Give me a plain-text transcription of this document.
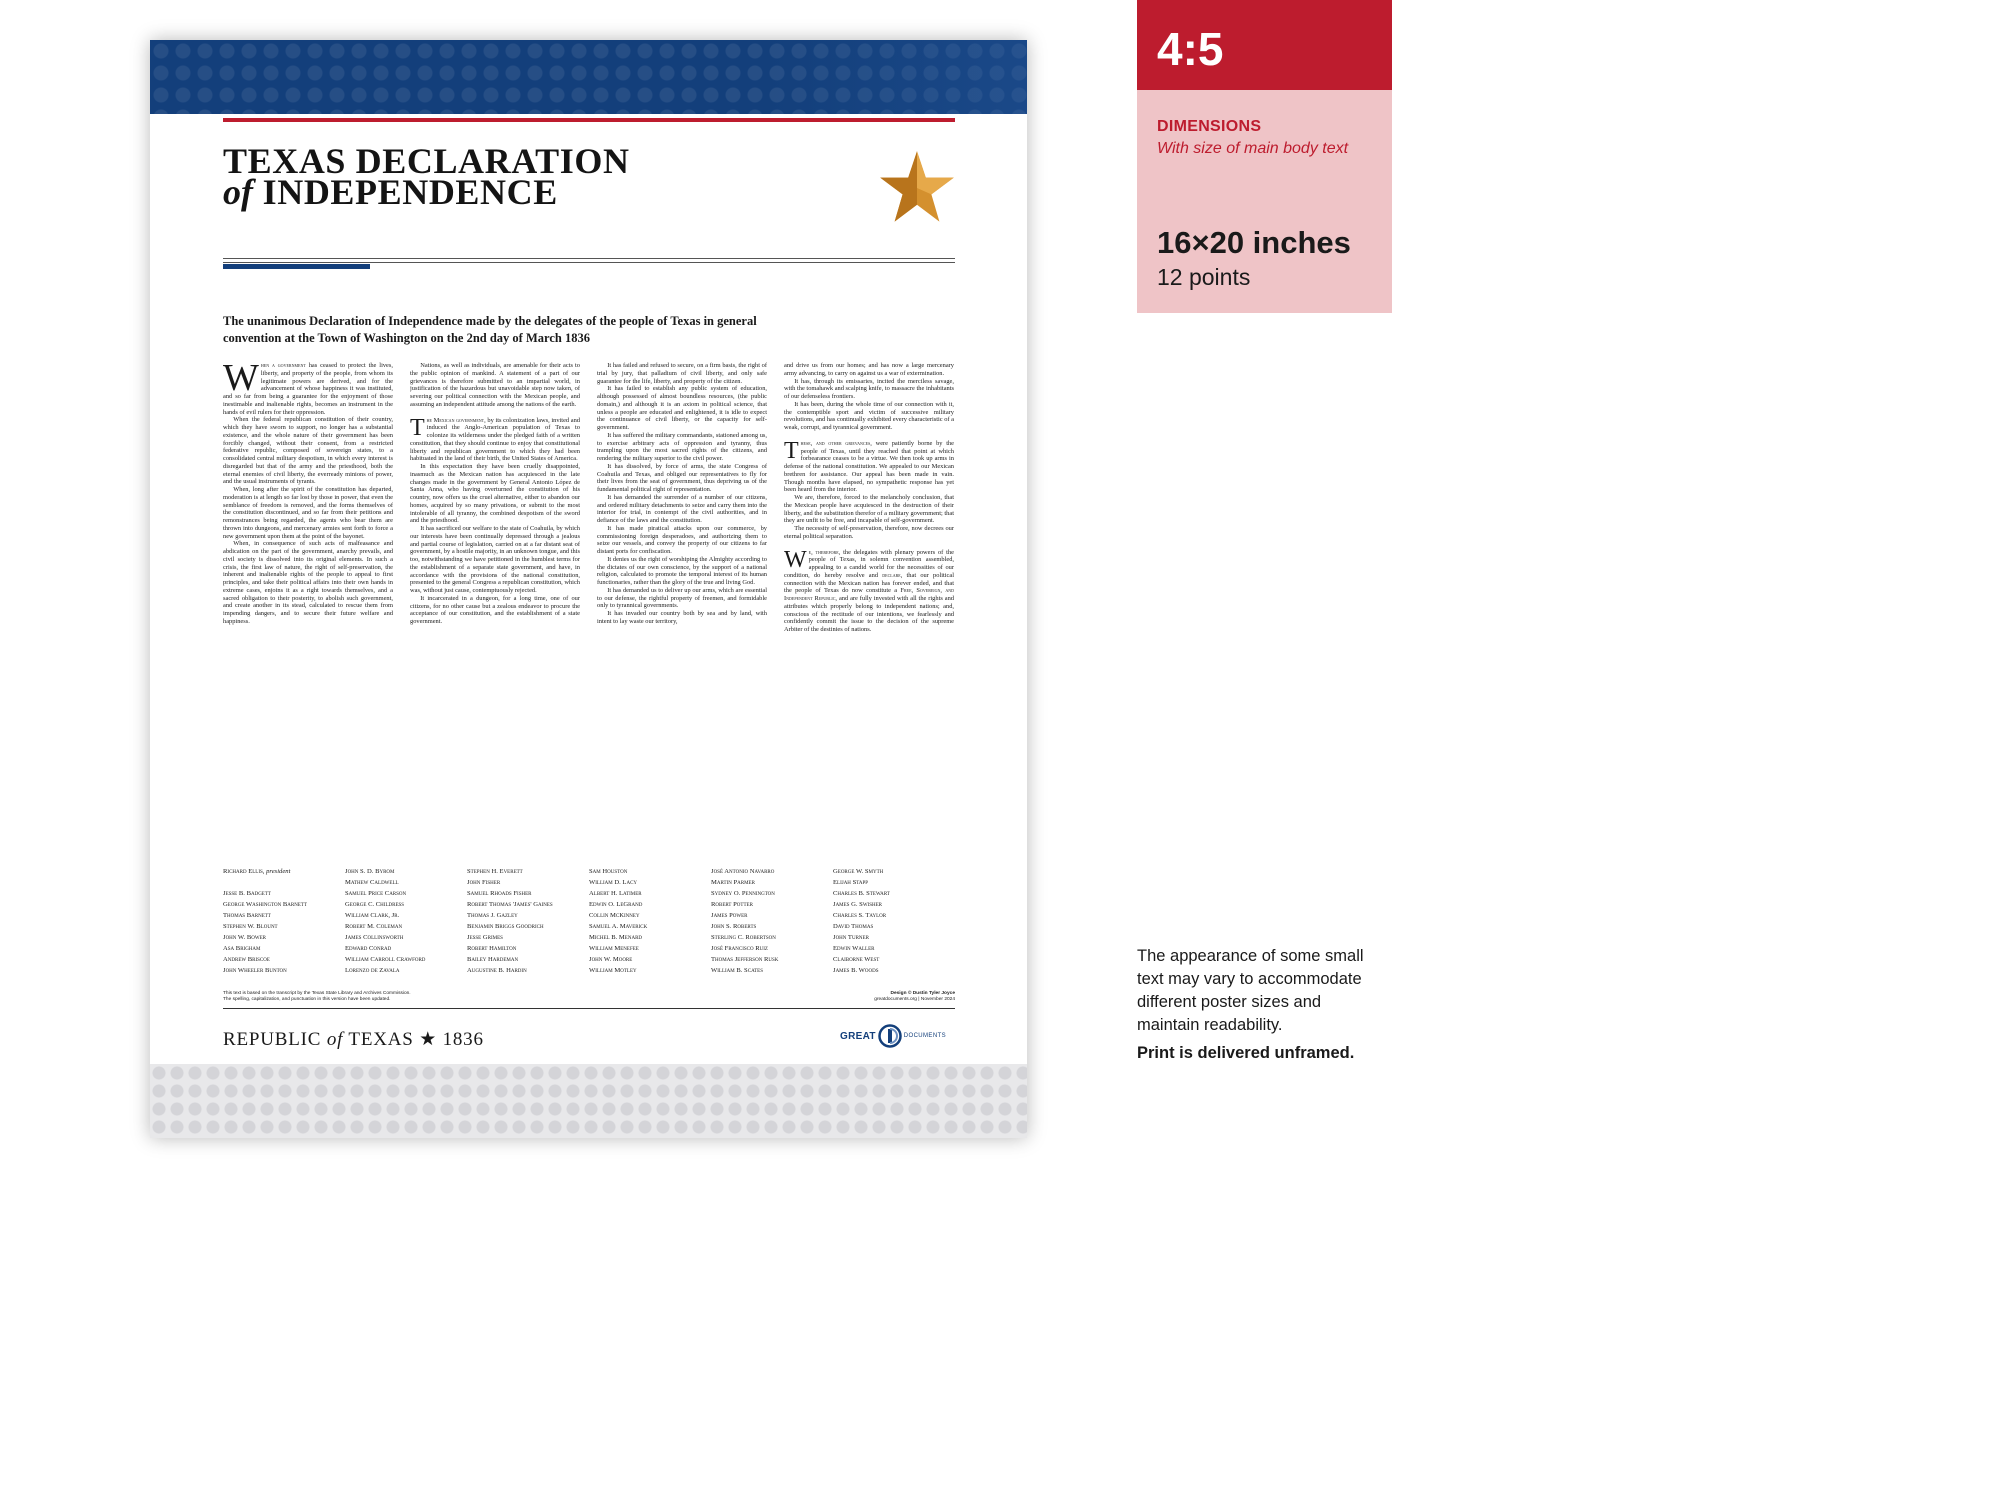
TEXAS DECLARATION
of INDEPENDENCE

The unanimous Declaration of Independence made by the delegates of the people of Texas in general convention at the Town of Washington on the 2nd day of March 1836

When a government has ceased to protect the lives, liberty, and property of the people, from whom its legitimate powers are derived, and for the advancement of whose happiness it was instituted, and so far from being a guarantee for the enjoyment of those inestimable and inalienable rights, becomes an instrument in the hands of evil rulers for their oppression.

When the federal republican constitution of their country, which they have sworn to support, no longer has a substantial existence, and the whole nature of their government has been forcibly changed, without their consent, from a restricted federative republic, composed of sovereign states, to a consolidated central military despotism, in which every interest is disregarded but that of the army and the priesthood, both the eternal enemies of civil liberty, the everready minions of power, and the usual instruments of tyrants.

When, long after the spirit of the constitution has departed, moderation is at length so far lost by those in power, that even the semblance of freedom is removed, and the forms themselves of the constitution discontinued, and so far from their petitions and remonstrances being regarded, the agents who bear them are thrown into dungeons, and mercenary armies sent forth to force a new government upon them at the point of the bayonet.

When, in consequence of such acts of malfeasance and abdication on the part of the government, anarchy prevails, and civil society is dissolved into its original elements. In such a crisis, the first law of nature, the right of self-preservation, the inherent and inalienable rights of the people to appeal to first principles, and take their political affairs into their own hands in extreme cases, enjoins it as a right towards themselves, and a sacred obligation to their posterity, to abolish such government, and create another in its stead, calculated to rescue them from impending dangers, and to secure their future welfare and happiness.

Nations, as well as individuals, are amenable for their acts to the public opinion of mankind. A statement of a part of our grievances is therefore submitted to an impartial world, in justification of the hazardous but unavoidable step now taken, of severing our political connection with the Mexican people, and assuming an independent attitude among the nations of the earth.

The Mexican government, by its colonization laws, invited and induced the Anglo-American population of Texas to colonize its wilderness under the pledged faith of a written constitution, that they should continue to enjoy that constitutional liberty and republican government to which they had been habituated in the land of their birth, the United States of America.

In this expectation they have been cruelly disappointed, inasmuch as the Mexican nation has acquiesced in the late changes made in the government by General Antonio López de Santa Anna, who having overturned the constitution of his country, now offers us the cruel alternative, either to abandon our homes, acquired by so many privations, or submit to the most intolerable of all tyranny, the combined despotism of the sword and the priesthood.

It has sacrificed our welfare to the state of Coahuila, by which our interests have been continually depressed through a jealous and partial course of legislation, carried on at a far distant seat of government, by a hostile majority, in an unknown tongue, and this too, notwithstanding we have petitioned in the humblest terms for the establishment of a separate state government, and have, in accordance with the provisions of the national constitution, presented to the general Congress a republican constitution, which was, without just cause, contemptuously rejected.

It incarcerated in a dungeon, for a long time, one of our citizens, for no other cause but a zealous endeavor to procure the acceptance of our constitution, and the establishment of a state government.

It has failed and refused to secure, on a firm basis, the right of trial by jury, that palladium of civil liberty, and only safe guarantee for the life, liberty, and property of the citizen.

It has failed to establish any public system of education, although possessed of almost boundless resources, (the public domain,) and although it is an axiom in political science, that unless a people are educated and enlightened, it is idle to expect the continuance of civil liberty, or the capacity for self-government.

It has suffered the military commandants, stationed among us, to exercise arbitrary acts of oppression and tyranny, thus trampling upon the most sacred rights of the citizens, and rendering the military superior to the civil power.

It has dissolved, by force of arms, the state Congress of Coahuila and Texas, and obliged our representatives to fly for their lives from the seat of government, thus depriving us of the fundamental political right of representation.

It has demanded the surrender of a number of our citizens, and ordered military detachments to seize and carry them into the interior for trial, in contempt of the civil authorities, and in defiance of the laws and the constitution.

It has made piratical attacks upon our commerce, by commissioning foreign desperadoes, and authorizing them to seize our vessels, and convey the property of our citizens to far distant ports for confiscation.

It denies us the right of worshiping the Almighty according to the dictates of our own conscience, by the support of a national religion, calculated to promote the temporal interest of its human functionaries, rather than the glory of the true and living God.

It has demanded us to deliver up our arms, which are essential to our defense, the rightful property of freemen, and formidable only to tyrannical governments.

It has invaded our country both by sea and by land, with intent to lay waste our territory,

and drive us from our homes; and has now a large mercenary army advancing, to carry on against us a war of extermination.

It has, through its emissaries, incited the merciless savage, with the tomahawk and scalping knife, to massacre the inhabitants of our defenseless frontiers.

It has been, during the whole time of our connection with it, the contemptible sport and victim of successive military revolutions, and has continually exhibited every characteristic of a weak, corrupt, and tyrannical government.

These, and other grievances, were patiently borne by the people of Texas, until they reached that point at which forbearance ceases to be a virtue. We then took up arms in defense of the national constitution. We appealed to our Mexican brethren for assistance. Our appeal has been made in vain. Though months have elapsed, no sympathetic response has yet been heard from the interior.

We are, therefore, forced to the melancholy conclusion, that the Mexican people have acquiesced in the destruction of their liberty, and the substitution therefor of a military government; that they are unfit to be free, and incapable of self-government.

The necessity of self-preservation, therefore, now decrees our eternal political separation.

We, therefore, the delegates with plenary powers of the people of Texas, in solemn convention assembled, appealing to a candid world for the necessities of our condition, do hereby resolve and declare, that our political connection with the Mexican nation has forever ended, and that the people of Texas do now constitute a Free, Sovereign, and Independent Republic, and are fully invested with all the rights and attributes which properly belong to independent nations; and, conscious of the rectitude of our intentions, we fearlessly and confidently commit the issue to the decision of the supreme Arbiter of the destinies of nations.

Richard Ellis, president
Jesse B. Badgett
George Washington Barnett
Thomas Barnett
Stephen W. Blount
John W. Bower
Asa Brigham
Andrew Briscoe
John Wheeler Bunton
John S. D. Byrom
Mathew Caldwell
Samuel Price Carson
George C. Childress
William Clark, Jr.
Robert M. Coleman
James Collinsworth
Edward Conrad
William Carroll Crawford
Lorenzo de Zavala
Stephen H. Everett
John Fisher
Samuel Rhoads Fisher
Robert Thomas 'James' Gaines
Thomas J. Gazley
Benjamin Briggs Goodrich
Jesse Grimes
Robert Hamilton
Bailey Hardeman
Augustine B. Hardin
Sam Houston
William D. Lacy
Albert H. Latimer
Edwin O. LeGrand
Collin McKinney
Samuel A. Maverick
Michel B. Menard
William Menefee
John W. Moore
William Motley
José Antonio Navarro
Martin Parmer
Sydney O. Pennington
Robert Potter
James Power
John S. Roberts
Sterling C. Robertson
José Francisco Ruiz
Thomas Jefferson Rusk
William B. Scates
George W. Smyth
Elijah Stapp
Charles B. Stewart
James G. Swisher
Charles S. Taylor
David Thomas
John Turner
Edwin Waller
Claiborne West
James B. Woods
This text is based on the transcript by the Texas State Library and Archives Commission.
The spelling, capitalization, and punctuation in this version have been updated.
Design © Dustin Tyler Joyce
greatdocuments.org | November 2024
REPUBLIC of TEXAS ★ 1836	GREAT	DOCUMENTS
4:5
DIMENSIONS
With size of main body text
16×20 inches
12 points

The appearance of some small text may vary to accommodate different poster sizes and maintain readability.

Print is delivered unframed.
